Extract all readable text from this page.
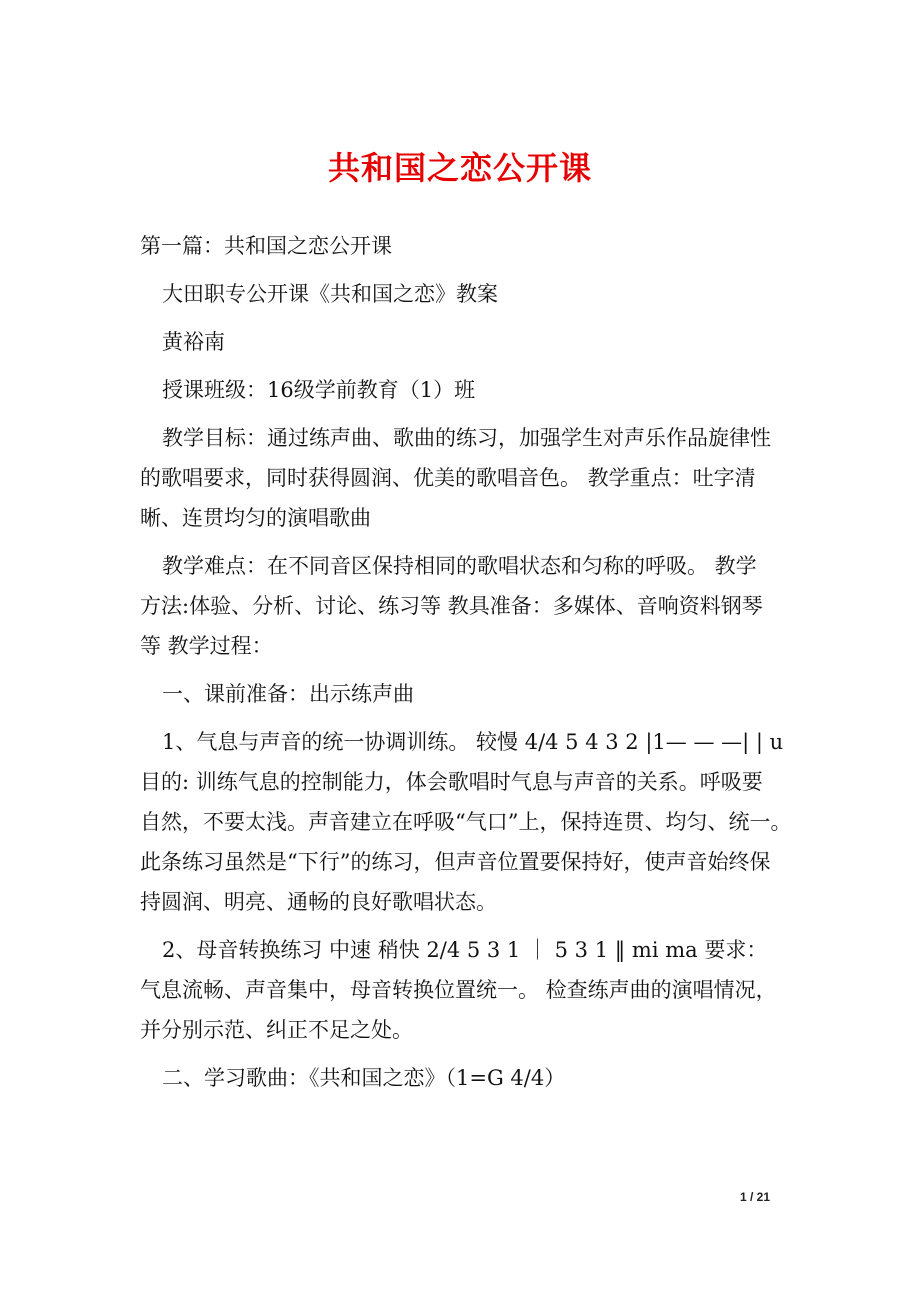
共和国之恋公开课
第一篇：共和国之恋公开课
大田职专公开课《共和国之恋》教案
黄裕南
授课班级：16级学前教育（1）班
教学目标：通过练声曲、歌曲的练习，加强学生对声乐作品旋律性
的歌唱要求，同时获得圆润、优美的歌唱音色。 教学重点：吐字清
晰、连贯均匀的演唱歌曲
教学难点：在不同音区保持相同的歌唱状态和匀称的呼吸。 教学
方法:体验、分析、讨论、练习等 教具准备：多媒体、音响资料钢琴
等 教学过程：
一、课前准备：出示练声曲
1、气息与声音的统一协调训练。 较慢 4/4 5 4 3 2 |1— — —| | u
目的: 训练气息的控制能力，体会歌唱时气息与声音的关系。呼吸要
自然，不要太浅。声音建立在呼吸“气口”上，保持连贯、均匀、统一。
此条练习虽然是“下行”的练习，但声音位置要保持好，使声音始终保
持圆润、明亮、通畅的良好歌唱状态。
2、母音转换练习 中速 稍快 2/4 5 3 1 ｜ 5 3 1 ‖ mi ma 要求：
气息流畅、声音集中，母音转换位置统一。 检查练声曲的演唱情况，
并分别示范、纠正不足之处。
二、学习歌曲：《共和国之恋》（1=G 4/4）
1 / 21
